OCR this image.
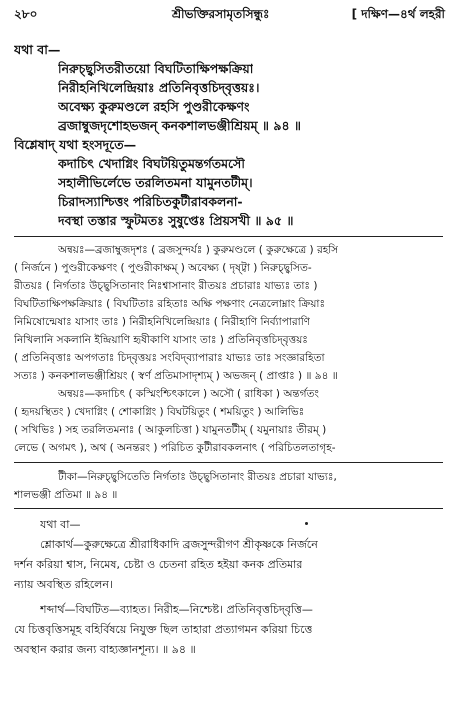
২৮০	শ্রীভক্তিরসামৃতসিন্ধুঃ	[ দক্ষিণ—৪র্থ লহরী
যথা বা—
নিরুচ্ছ্বসিতরীতয়ো বিঘটিতাক্ষিপক্ষক্রিয়া
নিরীহনিখিলেন্দ্রিয়াঃ প্রতিনিবৃত্তচিদ্‌বৃত্তয়ঃ।
অবেক্ষ্য কুরুমণ্ডলে রহসি পুণ্ডরীকেক্ষণং
ব্রজাম্বুজদৃশোহভজন্ কনকশালভঞ্জীশ্রিয়ম্ ॥ ৯৪ ॥
বিশ্লেষাদ্ যথা হংসদূতে—
কদাচিৎ খেদাগ্নিং বিঘটয়িতুমন্তর্গতমসৌ
সহালীভির্লেভে তরলিতমনা যামুনতটীম্।
চিরাদস্যাশ্চিত্তং পরিচিতকুটীরাবকলনা-
দবস্থা তস্তার স্ফুটমতঃ সুষুপ্তেঃ প্রিয়সখী ॥ ৯৫ ॥
অন্বয়ঃ—ব্রজাম্বুজদৃশঃ ( ব্রজসুন্দর্যঃ ) কুরুমণ্ডলে ( কুরুক্ষেত্রে ) রহসি
( নির্জনে ) পুণ্ডরীকেক্ষণং ( পুণ্ডরীকাক্ষম্ ) অবেক্ষ্য ( দৃষ্ট্বা ) নিরুচ্ছ্বসিত-
রীতয়ঃ ( নির্গতাঃ উচ্ছ্বসিতানাং নিঃশ্বাসানাং রীতয়ঃ প্রচারাঃ যাভ্যঃ তাঃ )
বিঘটিতাক্ষিপক্ষক্রিয়াঃ ( বিঘটিতাঃ রহিতাঃ অক্ষি পক্ষণাং নেত্রলোম্নাং ক্রিয়াঃ
নিমিষোন্মেষাঃ যাসাং তাঃ ) নিরীহনিখিলেন্দ্রিয়াঃ ( নিরীহাণি নির্ব্যাপারাণি
নিখিলানি সকলানি ইন্দ্রিয়াণি হৃষীকাণি যাসাং তাঃ ) প্রতিনিবৃত্তচিদ্‌বৃত্তয়ঃ
( প্রতিনিবৃত্তাঃ অপগতাঃ চিদ্‌বৃত্তয়ঃ সংবিদ্‌ব্যাপারাঃ যাভ্যঃ তাঃ সংজ্ঞারহিতা
সত্যঃ ) কনকশালভঞ্জীশ্রিয়ং ( স্বর্ণ প্রতিমাসাদৃশ্যম্ ) অভজন্ ( প্রাপ্তাঃ ) ॥ ৯৪ ॥
অন্বয়ঃ—কদাচিৎ ( কস্মিংশ্চিৎকালে ) অসৌ ( রাধিকা ) অন্তর্গতং
( হৃদয়স্থিতং ) খেদাগ্নিং ( শোকাগ্নিং ) বিঘটয়িতুং ( শময়িতুং ) আলিভিঃ
( সখিভিঃ ) সহ তরলিতমনাঃ ( আকুলচিত্তা ) যামুনতটীম্ ( যমুনায়াঃ তীরম্ )
লেভে ( অগমৎ ), অথ ( অনন্তরং ) পরিচিত কুটীরাবকলনাৎ ( পরিচিতলতাগৃহ-
টীকা—নিরুচ্ছ্বসিতেতি নির্গতাঃ উচ্ছ্বসিতানাং রীতয়ঃ প্রচারা যাভ্যঃ,
শালভঞ্জী প্রতিমা ॥ ৯৪ ॥
যথা বা—
শ্লোকার্থ—কুরুক্ষেত্রে শ্রীরাধিকাদি ব্রজসুন্দরীগণ শ্রীকৃষ্ণকে নির্জনে
দর্শন করিয়া শ্বাস, নিমেষ, চেষ্টা ও চেতনা রহিত হইয়া কনক প্রতিমার
ন্যায় অবস্থিত রহিলেন।
শব্দার্থ—বিঘটিত—ব্যাহত। নিরীহ—নিশ্চেষ্ট। প্রতিনিবৃত্তচিদ্‌বৃত্তি—
যে চিত্তবৃত্তিসমূহ বহির্বিষয়ে নিযুক্ত ছিল তাহারা প্রত্যাগমন করিয়া চিত্তে
অবস্থান করার জন্য বাহ্যজ্ঞানশূন্য। ॥ ৯৪ ॥
